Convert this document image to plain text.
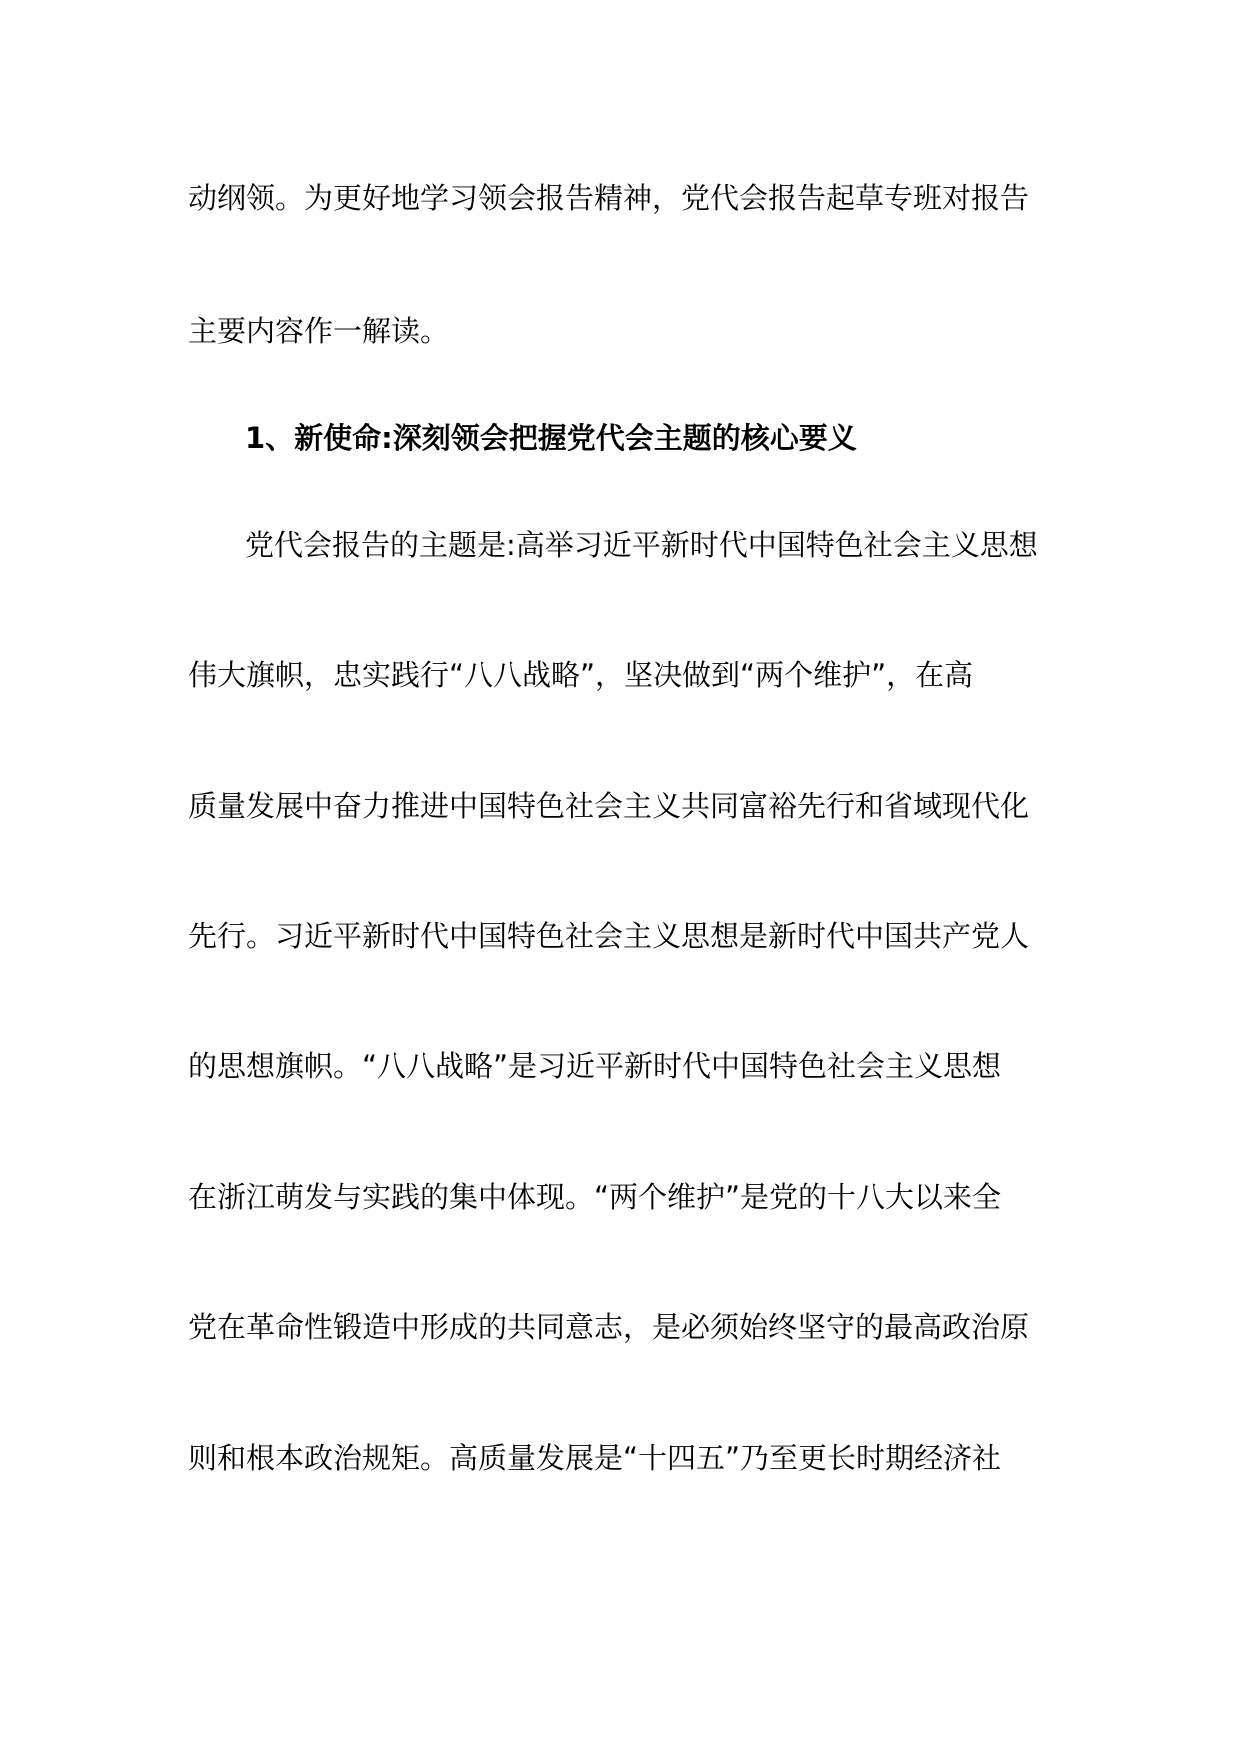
动纲领。为更好地学习领会报告精神，党代会报告起草专班对报告
主要内容作一解读。
1、新使命:深刻领会把握党代会主题的核心要义
党代会报告的主题是:高举习近平新时代中国特色社会主义思想
伟大旗帜，忠实践行“八八战略”，坚决做到“两个维护”，在高
质量发展中奋力推进中国特色社会主义共同富裕先行和省域现代化
先行。习近平新时代中国特色社会主义思想是新时代中国共产党人
的思想旗帜。“八八战略”是习近平新时代中国特色社会主义思想
在浙江萌发与实践的集中体现。“两个维护”是党的十八大以来全
党在革命性锻造中形成的共同意志，是必须始终坚守的最高政治原
则和根本政治规矩。高质量发展是“十四五”乃至更长时期经济社
